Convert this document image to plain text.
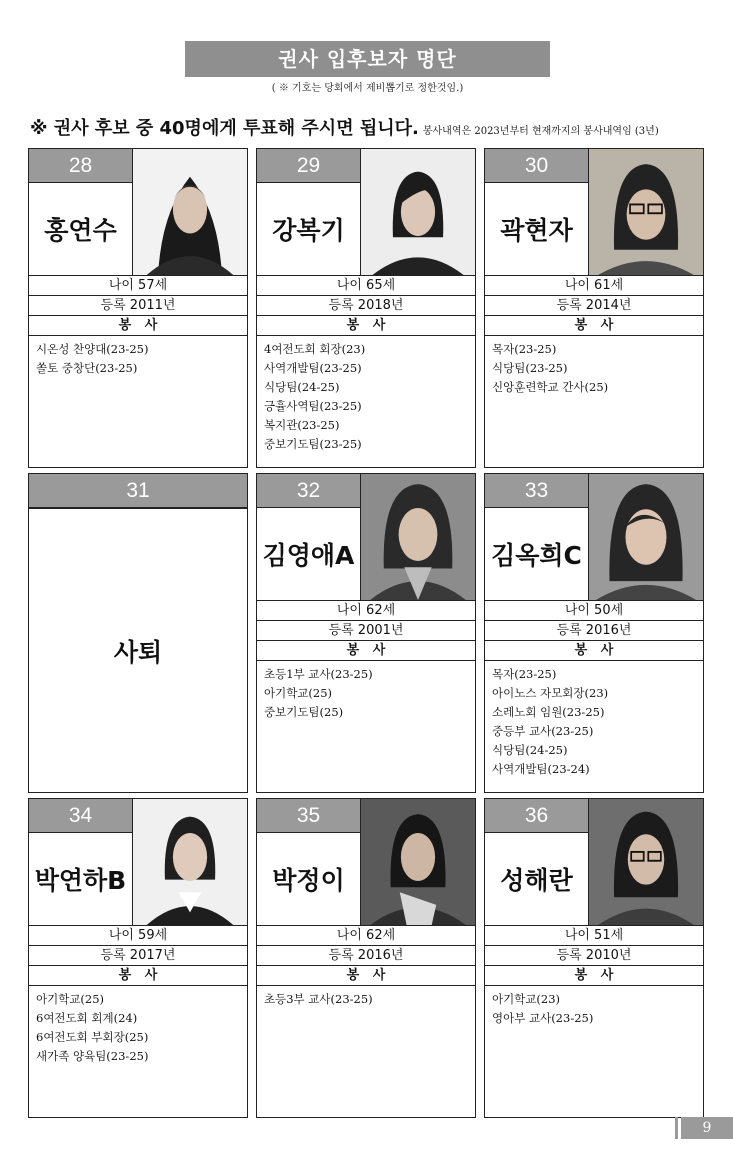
권사 입후보자 명단
( ※ 기호는 당회에서 제비뽑기로 정한것임.)
※ 권사 후보 중 40명에게 투표해 주시면 됩니다. 봉사내역은 2023년부터 현재까지의 봉사내역임 (3년)
28
홍연수
나이 57세
등록 2011년
봉   사
시온성 찬양대(23-25)
쏠토 중창단(23-25)
29
강복기
나이 65세
등록 2018년
봉   사
4여전도회 회장(23)
사역개발팀(23-25)
식당팀(24-25)
긍휼사역팀(23-25)
복지관(23-25)
중보기도팀(23-25)
30
곽현자
나이 61세
등록 2014년
봉   사
목자(23-25)
식당팀(23-25)
신앙훈련학교 간사(25)
31
사퇴
32
김영애A
나이 62세
등록 2001년
봉   사
초등1부 교사(23-25)
아기학교(25)
중보기도팀(25)
33
김옥희C
나이 50세
등록 2016년
봉   사
목자(23-25)
아이노스 자모회장(23)
소레노회 임원(23-25)
중등부 교사(23-25)
식당팀(24-25)
사역개발팀(23-24)
34
박연하B
나이 59세
등록 2017년
봉   사
아기학교(25)
6여전도회 회계(24)
6여전도회 부회장(25)
새가족 양육팀(23-25)
35
박정이
나이 62세
등록 2016년
봉   사
초등3부 교사(23-25)
36
성해란
나이 51세
등록 2010년
봉   사
아기학교(23)
영아부 교사(23-25)
9
